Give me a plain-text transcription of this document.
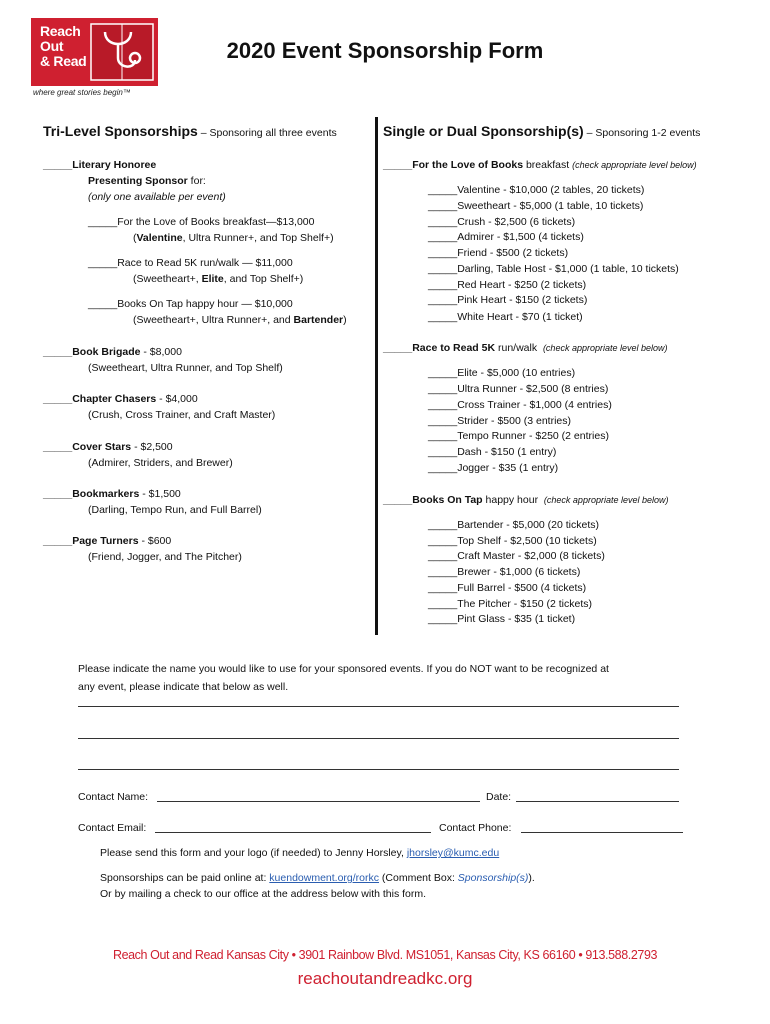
Reach
Out
& Read
where great stories begin™
2020 Event Sponsorship Form
Tri-Level Sponsorships – Sponsoring all three events
_____Literary Honoree
Presenting Sponsor for:
(only one available per event)
_____For the Love of Books breakfast—$13,000
(Valentine, Ultra Runner+, and Top Shelf+)
_____Race to Read 5K run/walk — $11,000
(Sweetheart+, Elite, and Top Shelf+)
_____Books On Tap happy hour — $10,000
(Sweetheart+, Ultra Runner+, and Bartender)
_____Book Brigade - $8,000
(Sweetheart, Ultra Runner, and Top Shelf)
_____Chapter Chasers - $4,000
(Crush, Cross Trainer, and Craft Master)
_____Cover Stars - $2,500
(Admirer, Striders, and Brewer)
_____Bookmarkers - $1,500
(Darling, Tempo Run, and Full Barrel)
_____Page Turners - $600
(Friend, Jogger, and The Pitcher)
Single or Dual Sponsorship(s) – Sponsoring 1-2 events
_____For the Love of Books breakfast (check appropriate level below)
_____Valentine - $10,000 (2 tables, 20 tickets)
_____Sweetheart - $5,000 (1 table, 10 tickets)
_____Crush - $2,500 (6 tickets)
_____Admirer - $1,500 (4 tickets)
_____Friend - $500 (2 tickets)
_____Darling, Table Host - $1,000 (1 table, 10 tickets)
_____Red Heart - $250 (2 tickets)
_____Pink Heart - $150 (2 tickets)
_____White Heart - $70 (1 ticket)
_____Race to Read 5K run/walk (check appropriate level below)
_____Elite - $5,000 (10 entries)
_____Ultra Runner - $2,500 (8 entries)
_____Cross Trainer - $1,000 (4 entries)
_____Strider - $500 (3 entries)
_____Tempo Runner - $250 (2 entries)
_____Dash - $150 (1 entry)
_____Jogger - $35 (1 entry)
_____Books On Tap happy hour (check appropriate level below)
_____Bartender - $5,000 (20 tickets)
_____Top Shelf - $2,500 (10 tickets)
_____Craft Master - $2,000 (8 tickets)
_____Brewer - $1,000 (6 tickets)
_____Full Barrel - $500 (4 tickets)
_____The Pitcher - $150 (2 tickets)
_____Pint Glass - $35 (1 ticket)
Please indicate the name you would like to use for your sponsored events. If you do NOT want to be recognized at
any event, please indicate that below as well.
Contact Name:	Date:
Contact Email:	Contact Phone:
Please send this form and your logo (if needed) to Jenny Horsley, jhorsley@kumc.edu
Sponsorships can be paid online at: kuendowment.org/rorkc (Comment Box: Sponsorship(s)).
Or by mailing a check to our office at the address below with this form.
Reach Out and Read Kansas City • 3901 Rainbow Blvd. MS1051, Kansas City, KS 66160 • 913.588.2793
reachoutandreadkc.org
